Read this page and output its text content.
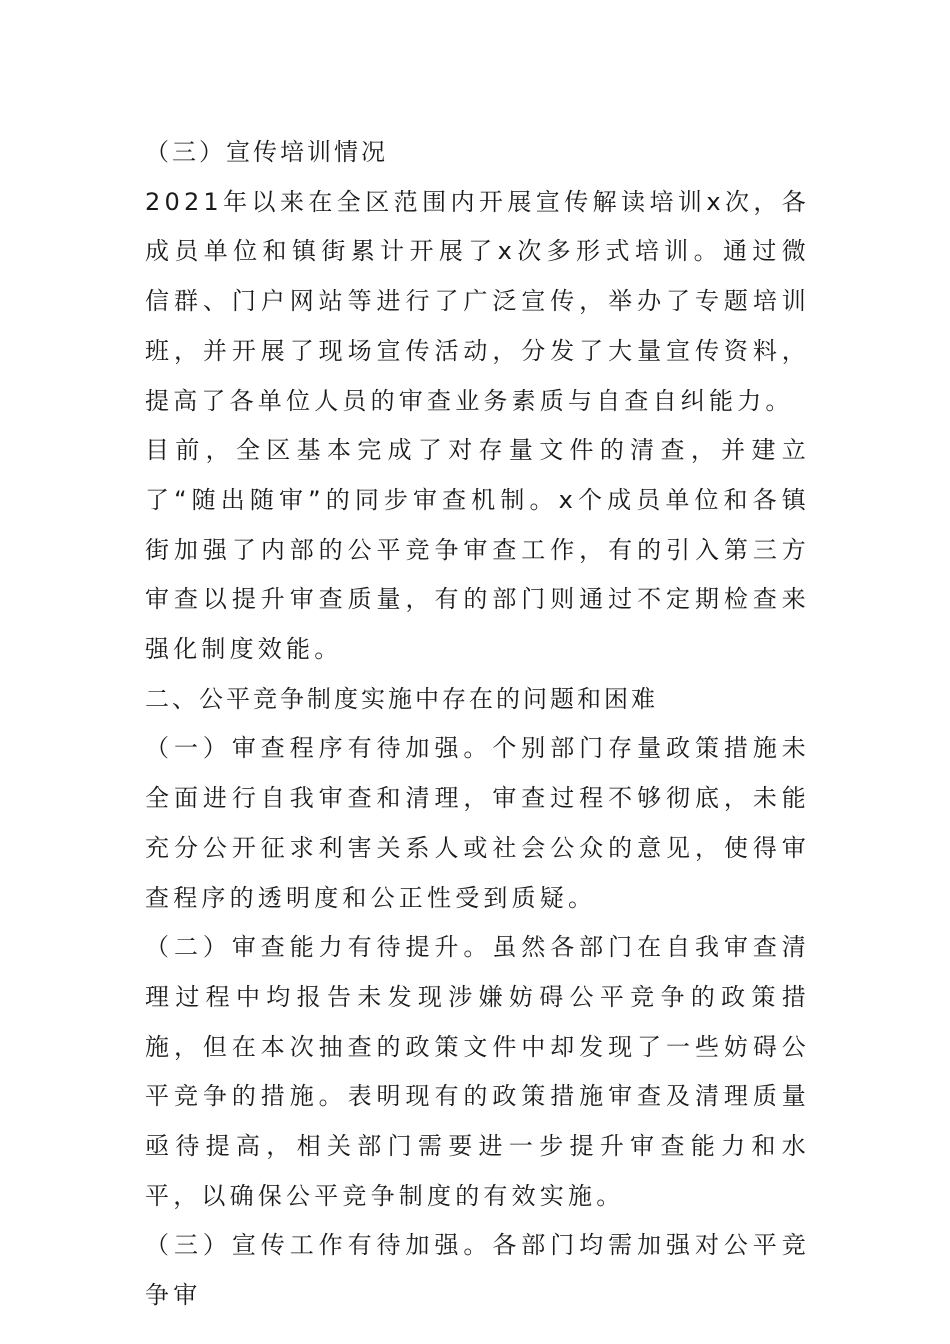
（三）宣传培训情况

2021年以来在全区范围内开展宣传解读培训x次，各成员单位和镇街累计开展了x次多形式培训。通过微信群、门户网站等进行了广泛宣传，举办了专题培训班，并开展了现场宣传活动，分发了大量宣传资料，提高了各单位人员的审查业务素质与自查自纠能力。

目前，全区基本完成了对存量文件的清查，并建立了“随出随审”的同步审查机制。x个成员单位和各镇街加强了内部的公平竞争审查工作，有的引入第三方审查以提升审查质量，有的部门则通过不定期检查来强化制度效能。

二、公平竞争制度实施中存在的问题和困难

（一）审查程序有待加强。个别部门存量政策措施未全面进行自我审查和清理，审查过程不够彻底，未能充分公开征求利害关系人或社会公众的意见，使得审查程序的透明度和公正性受到质疑。

（二）审查能力有待提升。虽然各部门在自我审查清理过程中均报告未发现涉嫌妨碍公平竞争的政策措施，但在本次抽查的政策文件中却发现了一些妨碍公平竞争的措施。表明现有的政策措施审查及清理质量亟待提高，相关部门需要进一步提升审查能力和水平，以确保公平竞争制度的有效实施。

（三）宣传工作有待加强。各部门均需加强对公平竞争审
